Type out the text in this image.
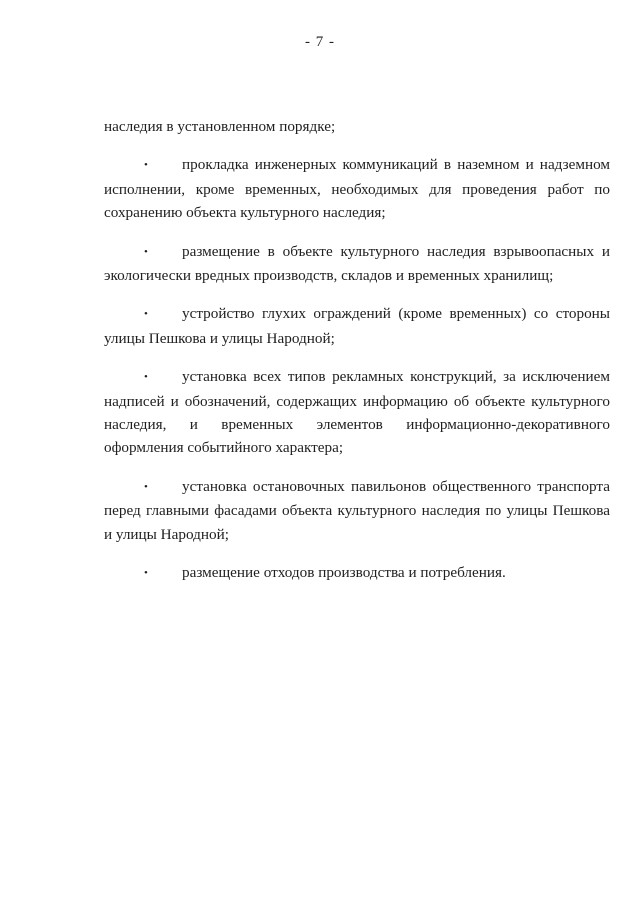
- 7 -

наследия в установленном порядке;

• прокладка инженерных коммуникаций в наземном и надземном исполнении, кроме временных, необходимых для проведения работ по сохранению объекта культурного наследия;

• размещение в объекте культурного наследия взрывоопасных и экологически вредных производств, складов и временных хранилищ;

• устройство глухих ограждений (кроме временных) со стороны улицы Пешкова и улицы Народной;

• установка всех типов рекламных конструкций, за исключением надписей и обозначений, содержащих информацию об объекте культурного наследия, и временных элементов информационно-декоративного оформления событийного характера;

• установка остановочных павильонов общественного транспорта перед главными фасадами объекта культурного наследия по улицы Пешкова и улицы Народной;

• размещение отходов производства и потребления.
